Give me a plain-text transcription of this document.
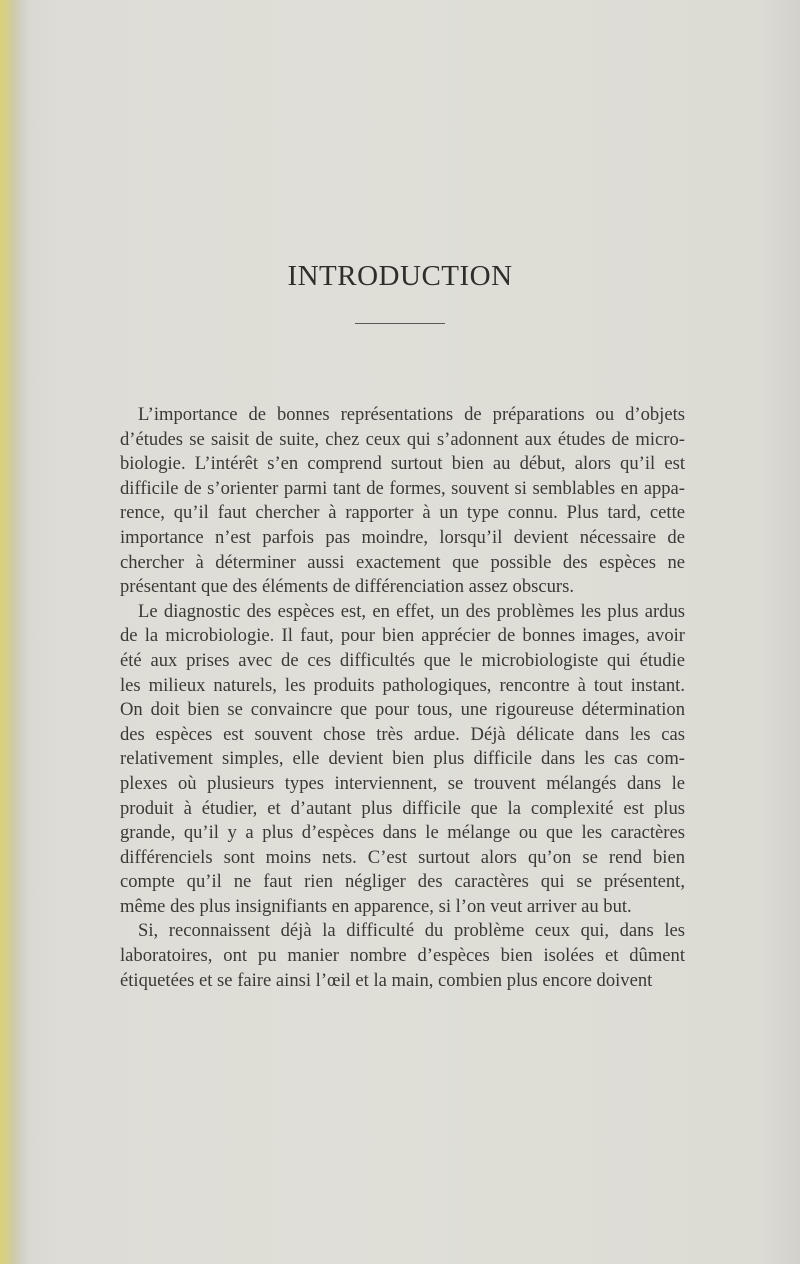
INTRODUCTION
L’importance de bonnes représentations de préparations ou d’objets
d’études se saisit de suite, chez ceux qui s’adonnent aux études de micro-
biologie. L’intérêt s’en comprend surtout bien au début, alors qu’il est
difficile de s’orienter parmi tant de formes, souvent si semblables en appa-
rence, qu’il faut chercher à rapporter à un type connu. Plus tard, cette
importance n’est parfois pas moindre, lorsqu’il devient nécessaire de
chercher à déterminer aussi exactement que possible des espèces ne
présentant que des éléments de différenciation assez obscurs.
Le diagnostic des espèces est, en effet, un des problèmes les plus ardus
de la microbiologie. Il faut, pour bien apprécier de bonnes images, avoir
été aux prises avec de ces difficultés que le microbiologiste qui étudie
les milieux naturels, les produits pathologiques, rencontre à tout instant.
On doit bien se convaincre que pour tous, une rigoureuse détermination
des espèces est souvent chose très ardue. Déjà délicate dans les cas
relativement simples, elle devient bien plus difficile dans les cas com-
plexes où plusieurs types interviennent, se trouvent mélangés dans le
produit à étudier, et d’autant plus difficile que la complexité est plus
grande, qu’il y a plus d’espèces dans le mélange ou que les caractères
différenciels sont moins nets. C’est surtout alors qu’on se rend bien
compte qu’il ne faut rien négliger des caractères qui se présentent,
même des plus insignifiants en apparence, si l’on veut arriver au but.
Si, reconnaissent déjà la difficulté du problème ceux qui, dans les
laboratoires, ont pu manier nombre d’espèces bien isolées et dûment
étiquetées et se faire ainsi l’œil et la main, combien plus encore doivent
